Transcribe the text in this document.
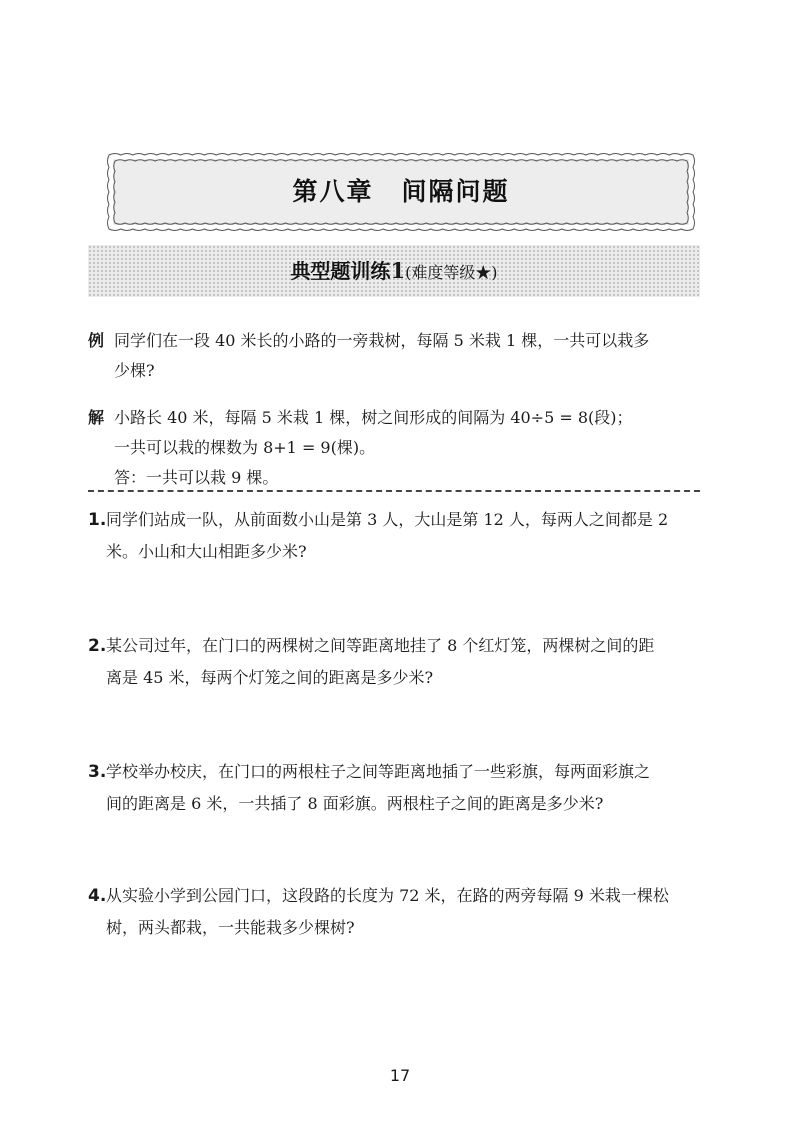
第八章 间隔问题
典型题训练1(难度等级★)
例 同学们在一段 40 米长的小路的一旁栽树，每隔 5 米栽 1 棵，一共可以栽多
少棵?
解 小路长 40 米，每隔 5 米栽 1 棵，树之间形成的间隔为 40÷5 = 8(段)；
一共可以栽的棵数为 8+1 = 9(棵)。
答：一共可以栽 9 棵。
1. 同学们站成一队，从前面数小山是第 3 人，大山是第 12 人，每两人之间都是 2
米。小山和大山相距多少米?
2. 某公司过年，在门口的两棵树之间等距离地挂了 8 个红灯笼，两棵树之间的距
离是 45 米，每两个灯笼之间的距离是多少米?
3. 学校举办校庆，在门口的两根柱子之间等距离地插了一些彩旗，每两面彩旗之
间的距离是 6 米，一共插了 8 面彩旗。两根柱子之间的距离是多少米?
4. 从实验小学到公园门口，这段路的长度为 72 米，在路的两旁每隔 9 米栽一棵松
树，两头都栽，一共能栽多少棵树?
17
